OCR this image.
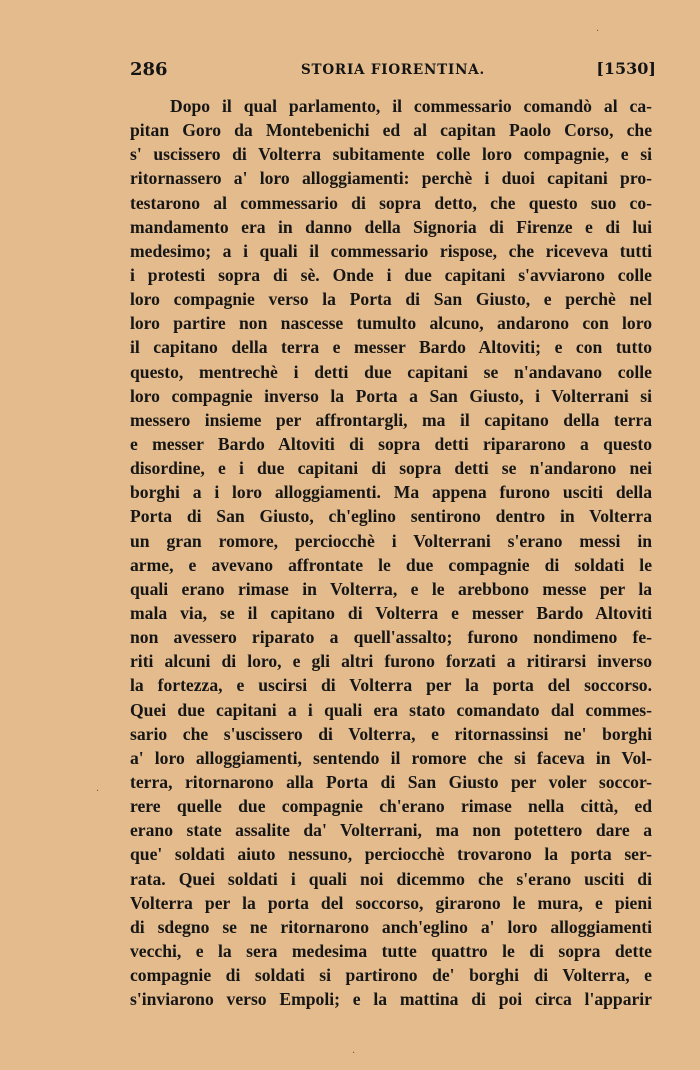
286	STORIA FIORENTINA.	[1530]
Dopo il qual parlamento, il commessario comandò al ca-
pitan Goro da Montebenichi ed al capitan Paolo Corso, che
s' uscissero di Volterra subitamente colle loro compagnie, e si
ritornassero a' loro alloggiamenti: perchè i duoi capitani pro-
testarono al commessario di sopra detto, che questo suo co-
mandamento era in danno della Signoria di Firenze e di lui
medesimo; a i quali il commessario rispose, che riceveva tutti
i protesti sopra di sè. Onde i due capitani s'avviarono colle
loro compagnie verso la Porta di San Giusto, e perchè nel
loro partire non nascesse tumulto alcuno, andarono con loro
il capitano della terra e messer Bardo Altoviti; e con tutto
questo, mentrechè i detti due capitani se n'andavano colle
loro compagnie inverso la Porta a San Giusto, i Volterrani si
messero insieme per affrontargli, ma il capitano della terra
e messer Bardo Altoviti di sopra detti ripararono a questo
disordine, e i due capitani di sopra detti se n'andarono nei
borghi a i loro alloggiamenti. Ma appena furono usciti della
Porta di San Giusto, ch'eglino sentirono dentro in Volterra
un gran romore, perciocchè i Volterrani s'erano messi in
arme, e avevano affrontate le due compagnie di soldati le
quali erano rimase in Volterra, e le arebbono messe per la
mala via, se il capitano di Volterra e messer Bardo Altoviti
non avessero riparato a quell'assalto; furono nondimeno fe-
riti alcuni di loro, e gli altri furono forzati a ritirarsi inverso
la fortezza, e uscirsi di Volterra per la porta del soccorso.
Quei due capitani a i quali era stato comandato dal commes-
sario che s'uscissero di Volterra, e ritornassinsi ne' borghi
a' loro alloggiamenti, sentendo il romore che si faceva in Vol-
terra, ritornarono alla Porta di San Giusto per voler soccor-
rere quelle due compagnie ch'erano rimase nella città, ed
erano state assalite da' Volterrani, ma non potettero dare a
que' soldati aiuto nessuno, perciocchè trovarono la porta ser-
rata. Quei soldati i quali noi dicemmo che s'erano usciti di
Volterra per la porta del soccorso, girarono le mura, e pieni
di sdegno se ne ritornarono anch'eglino a' loro alloggiamenti
vecchi, e la sera medesima tutte quattro le di sopra dette
compagnie di soldati si partirono de' borghi di Volterra, e
s'inviarono verso Empoli; e la mattina di poi circa l'apparir
·
·
·
